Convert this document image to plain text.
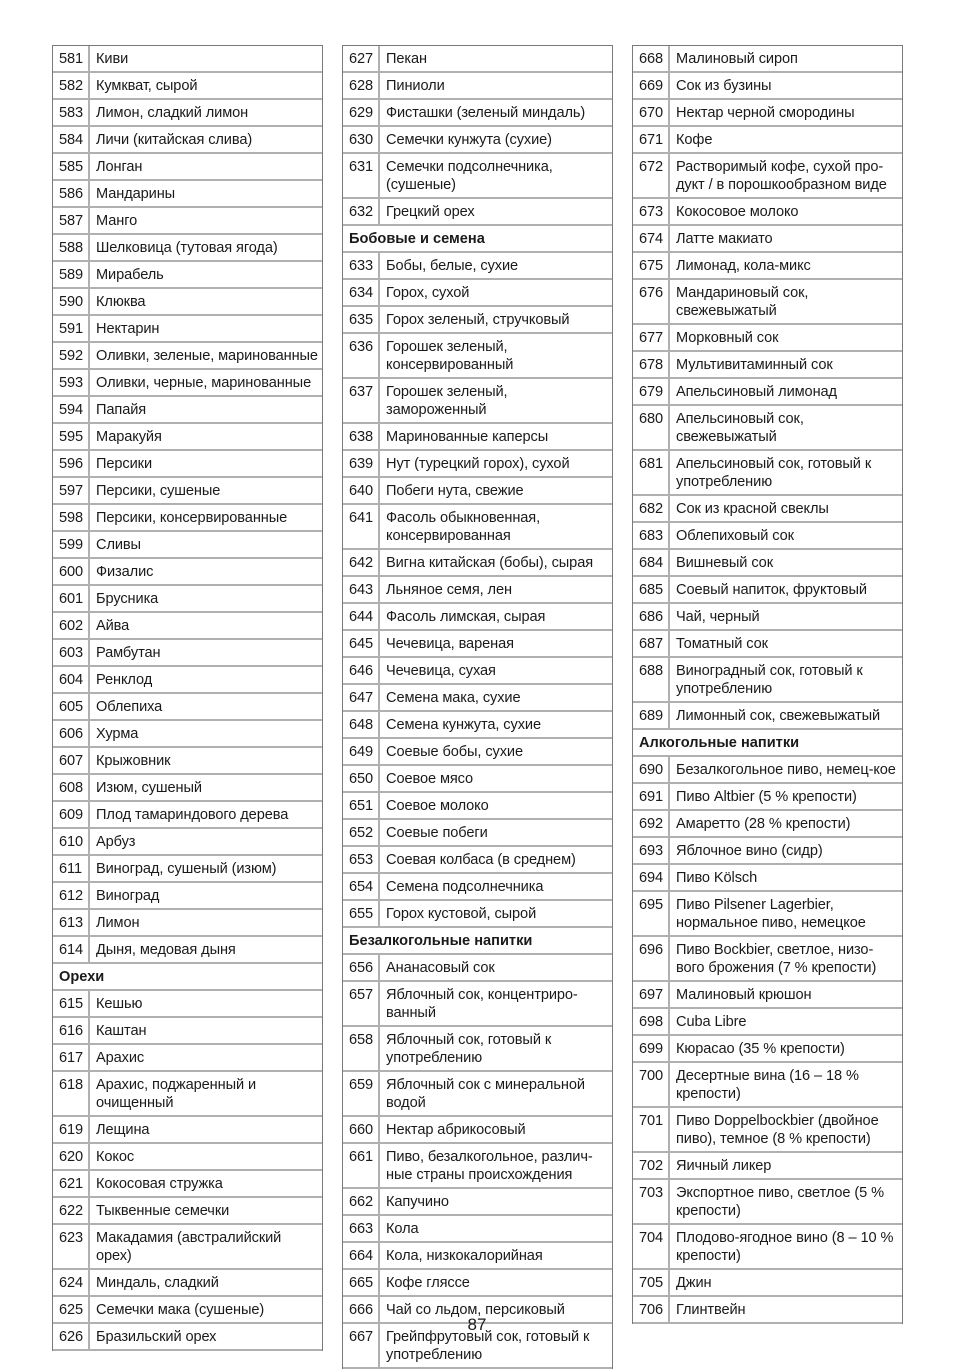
581 Киви
582 Кумкват, сырой
583 Лимон, сладкий лимон
584 Личи (китайская слива)
585 Лонган
586 Мандарины
587 Манго
588 Шелковица (тутовая ягода)
589 Мирабель
590 Клюква
591 Нектарин
592 Оливки, зеленые, маринованные
593 Оливки, черные, маринованные
594 Папайя
595 Маракуйя
596 Персики
597 Персики, сушеные
598 Персики, консервированные
599 Сливы
600 Физалис
601 Брусника
602 Айва
603 Рамбутан
604 Ренклод
605 Облепиха
606 Хурма
607 Крыжовник
608 Изюм, сушеный
609 Плод тамариндового дерева
610 Арбуз
611 Виноград, сушеный (изюм)
612 Виноград
613 Лимон
614 Дыня, медовая дыня
Орехи
615 Кешью
616 Каштан
617 Арахис
618 Арахис, поджаренный и очищенный
619 Лещина
620 Кокос
621 Кокосовая стружка
622 Тыквенные семечки
623 Макадамия (австралийский орех)
624 Миндаль, сладкий
625 Семечки мака (сушеные)
626 Бразильский орех
627 Пекан
628 Пиниоли
629 Фисташки (зеленый миндаль)
630 Семечки кунжута (сухие)
631 Семечки подсолнечника, (сушеные)
632 Грецкий орех
Бобовые и семена
633 Бобы, белые, сухие
634 Горох, сухой
635 Горох зеленый, стручковый
636 Горошек зеленый, консервированный
637 Горошек зеленый, замороженный
638 Маринованные каперсы
639 Нут (турецкий горох), сухой
640 Побеги нута, свежие
641 Фасоль обыкновенная, консервированная
642 Вигна китайская (бобы), сырая
643 Льняное семя, лен
644 Фасоль лимская, сырая
645 Чечевица, вареная
646 Чечевица, сухая
647 Семена мака, сухие
648 Семена кунжута, сухие
649 Соевые бобы, сухие
650 Соевое мясо
651 Соевое молоко
652 Соевые побеги
653 Соевая колбаса (в среднем)
654 Семена подсолнечника
655 Горох кустовой, сырой
Безалкогольные напитки
656 Ананасовый сок
657 Яблочный сок, концентриро-ванный
658 Яблочный сок, готовый к употреблению
659 Яблочный сок с минеральной водой
660 Нектар абрикосовый
661 Пиво, безалкогольное, различ-ные страны происхождения
662 Капучино
663 Кола
664 Кола, низкокалорийная
665 Кофе гляссе
666 Чай со льдом, персиковый
667 Грейпфрутовый сок, готовый к употреблению
668 Малиновый сироп
669 Сок из бузины
670 Нектар черной смородины
671 Кофе
672 Растворимый кофе, сухой про-дукт / в порошкообразном виде
673 Кокосовое молоко
674 Латте макиато
675 Лимонад, кола-микс
676 Мандариновый сок, свежевыжатый
677 Морковный сок
678 Мультивитаминный сок
679 Апельсиновый лимонад
680 Апельсиновый сок, свежевыжатый
681 Апельсиновый сок, готовый к употреблению
682 Сок из красной свеклы
683 Облепиховый сок
684 Вишневый сок
685 Соевый напиток, фруктовый
686 Чай, черный
687 Томатный сок
688 Виноградный сок, готовый к употреблению
689 Лимонный сок, свежевыжатый
Алкогольные напитки
690 Безалкогольное пиво, немец-кое
691 Пиво Altbier (5 % крепости)
692 Амаретто (28 % крепости)
693 Яблочное вино (сидр)
694 Пиво Kölsch
695 Пиво Pilsener Lagerbier, нормальное пиво, немецкое
696 Пиво Bockbier, светлое, низо-вого брожения (7 % крепости)
697 Малиновый крюшон
698 Cuba Libre
699 Кюрасао (35 % крепости)
700 Десертные вина (16 – 18 % крепости)
701 Пиво Doppelbockbier (двойное пиво), темное (8 % крепости)
702 Яичный ликер
703 Экспортное пиво, светлое (5 % крепости)
704 Плодово-ягодное вино (8 – 10 % крепости)
705 Джин
706 Глинтвейн
87
